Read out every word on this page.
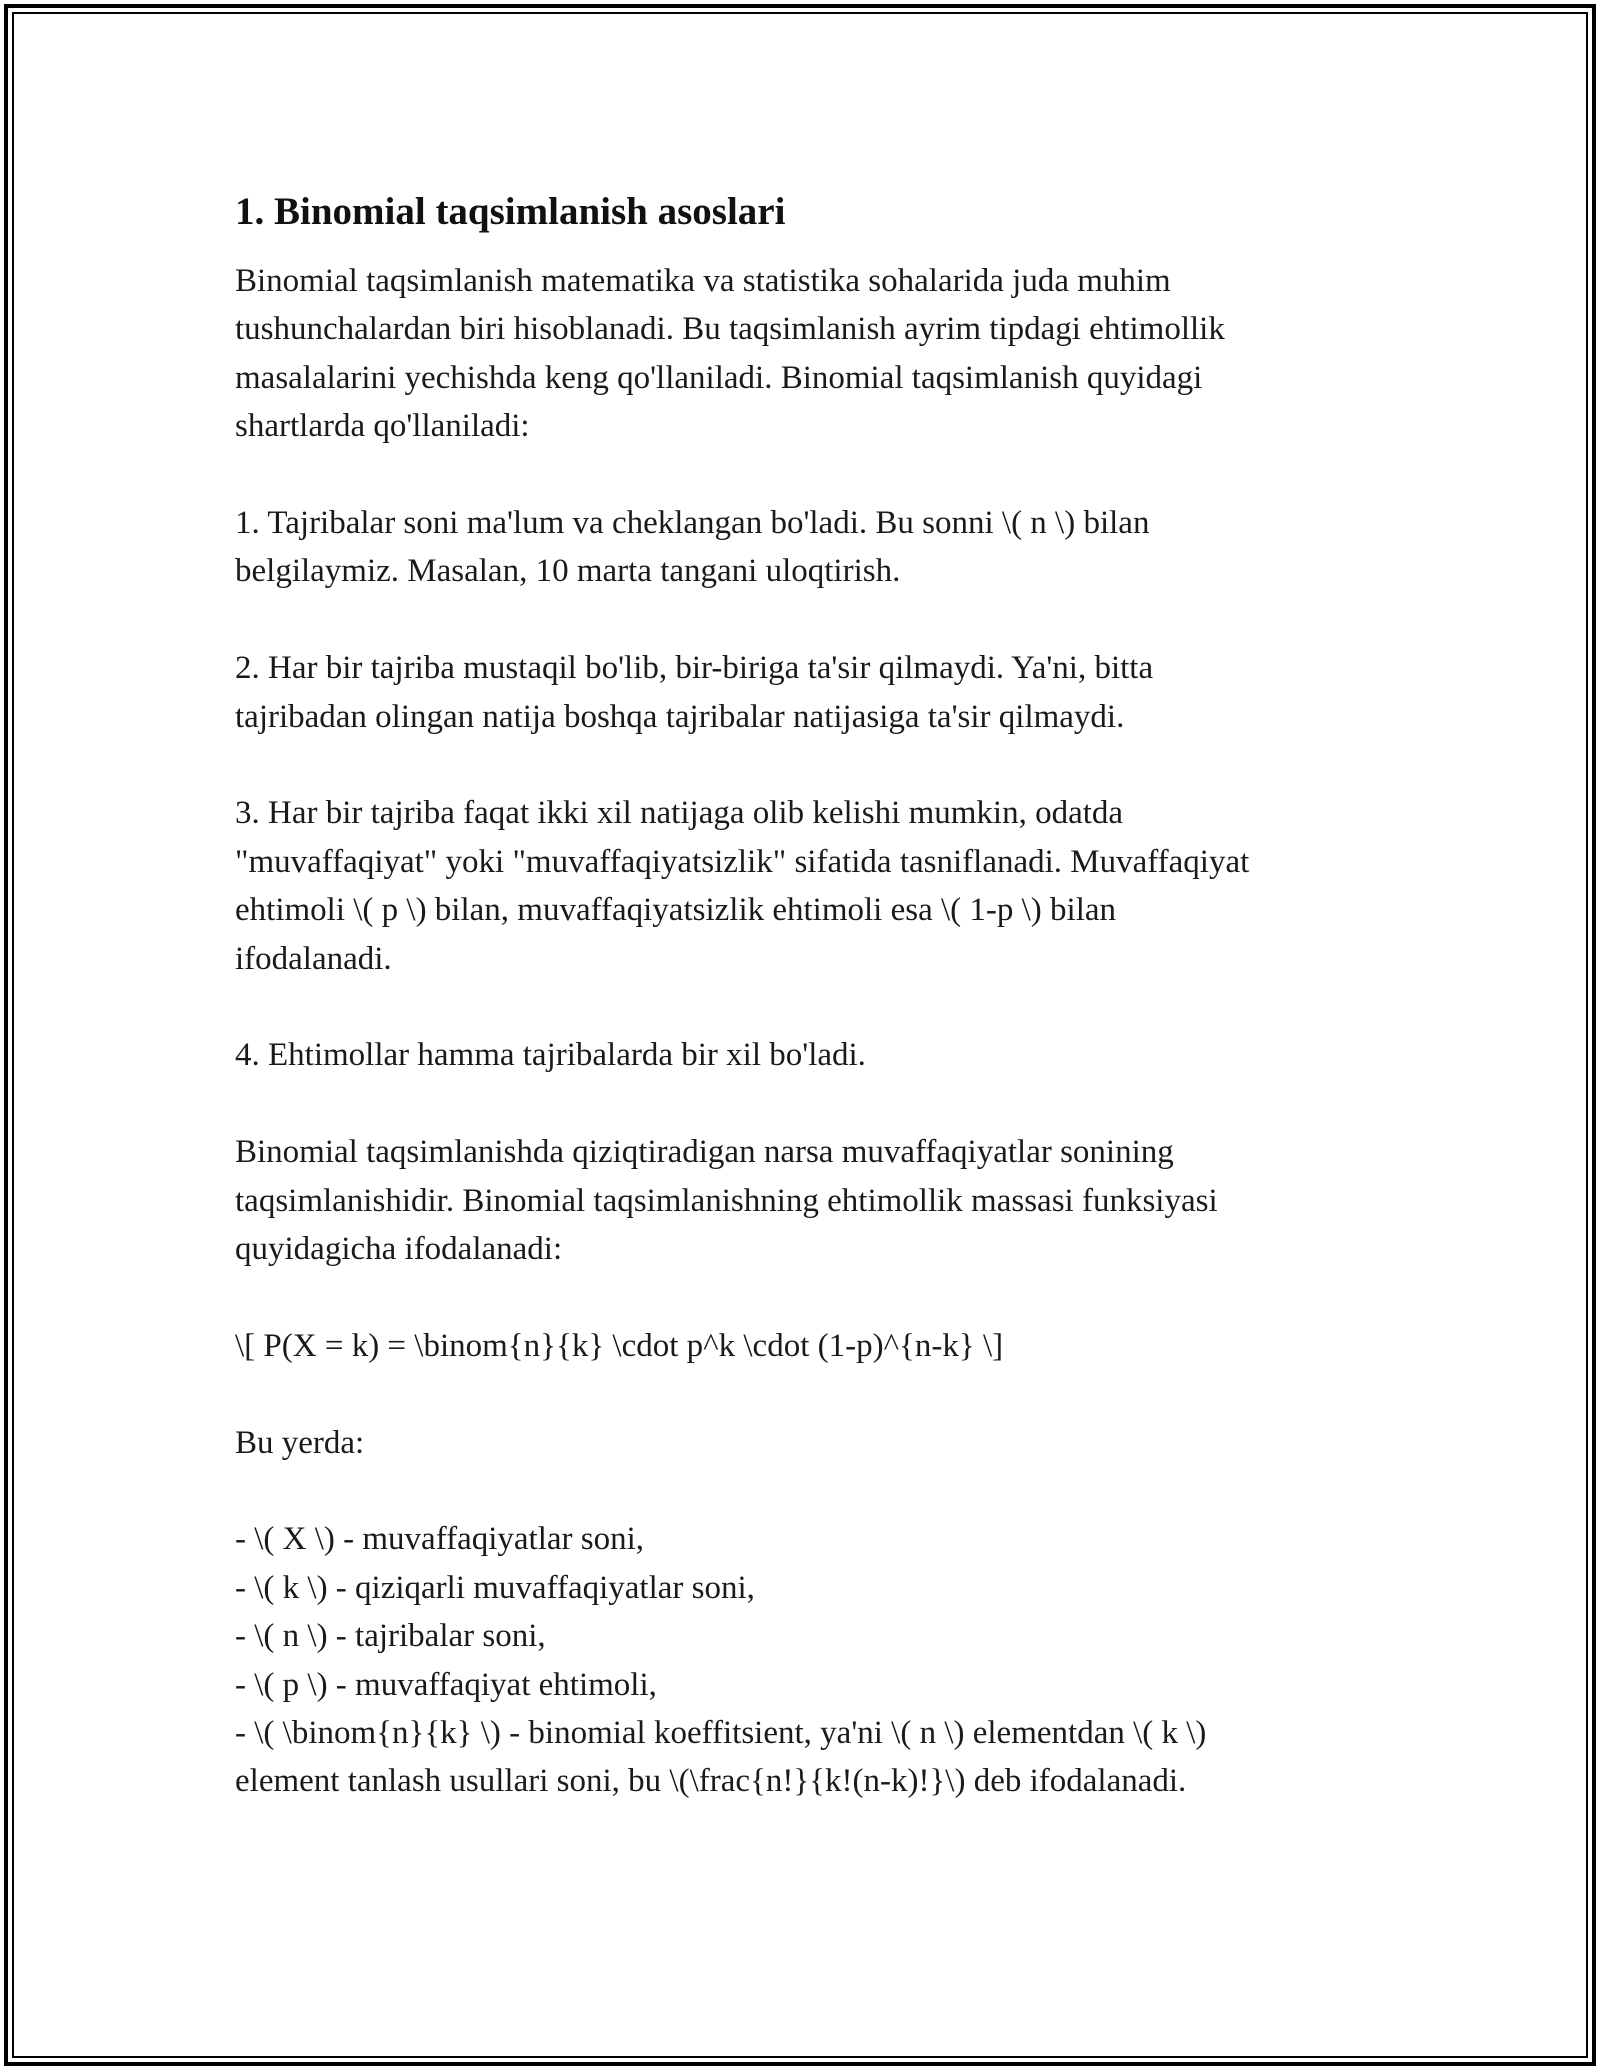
1. Binomial taqsimlanish asoslari
Binomial taqsimlanish matematika va statistika sohalarida juda muhim
tushunchalardan biri hisoblanadi. Bu taqsimlanish ayrim tipdagi ehtimollik
masalalarini yechishda keng qo'llaniladi. Binomial taqsimlanish quyidagi
shartlarda qo'llaniladi:
1. Tajribalar soni ma'lum va cheklangan bo'ladi. Bu sonni \( n \) bilan
belgilaymiz. Masalan, 10 marta tangani uloqtirish.
2. Har bir tajriba mustaqil bo'lib, bir-biriga ta'sir qilmaydi. Ya'ni, bitta
tajribadan olingan natija boshqa tajribalar natijasiga ta'sir qilmaydi.
3. Har bir tajriba faqat ikki xil natijaga olib kelishi mumkin, odatda
"muvaffaqiyat" yoki "muvaffaqiyatsizlik" sifatida tasniflanadi. Muvaffaqiyat
ehtimoli \( p \) bilan, muvaffaqiyatsizlik ehtimoli esa \( 1-p \) bilan
ifodalanadi.
4. Ehtimollar hamma tajribalarda bir xil bo'ladi.
Binomial taqsimlanishda qiziqtiradigan narsa muvaffaqiyatlar sonining
taqsimlanishidir. Binomial taqsimlanishning ehtimollik massasi funksiyasi
quyidagicha ifodalanadi:
\[ P(X = k) = \binom{n}{k} \cdot p^k \cdot (1-p)^{n-k} \]
Bu yerda:
- \( X \) - muvaffaqiyatlar soni,
- \( k \) - qiziqarli muvaffaqiyatlar soni,
- \( n \) - tajribalar soni,
- \( p \) - muvaffaqiyat ehtimoli,
- \( \binom{n}{k} \) - binomial koeffitsient, ya'ni \( n \) elementdan \( k \)
element tanlash usullari soni, bu \(\frac{n!}{k!(n-k)!}\) deb ifodalanadi.
